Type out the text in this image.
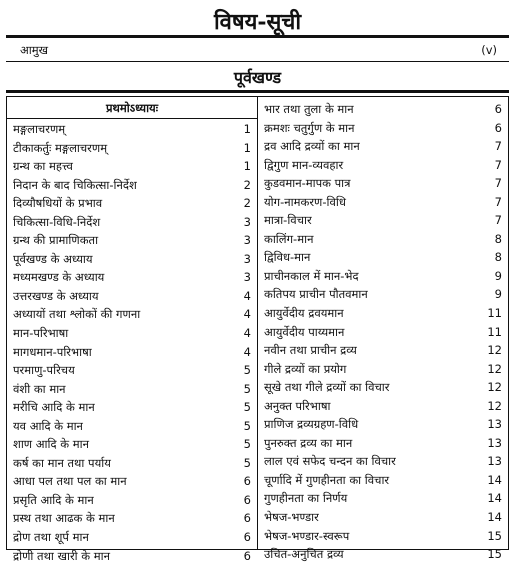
विषय-सूची
आमुख	(v)
पूर्वखण्ड
प्रथमोऽध्यायः
मङ्गलाचरणम्	1
टीकाकर्तुः मङ्गलाचरणम्	1
ग्रन्थ का महत्त्व	1
निदान के बाद चिकित्सा-निर्देश	2
दिव्यौषधियों के प्रभाव	2
चिकित्सा-विधि-निर्देश	3
ग्रन्थ की प्रामाणिकता	3
पूर्वखण्ड के अध्याय	3
मध्यमखण्ड के अध्याय	3
उत्तरखण्ड के अध्याय	4
अध्यायों तथा श्लोकों की गणना	4
मान-परिभाषा	4
मागधमान-परिभाषा	4
परमाणु-परिचय	5
वंशी का मान	5
मरीचि आदि के मान	5
यव आदि के मान	5
शाण आदि के मान	5
कर्ष का मान तथा पर्याय	5
आधा पल तथा पल का मान	6
प्रसृति आदि के मान	6
प्रस्थ तथा आढक के मान	6
द्रोण तथा शूर्प मान	6
द्रोणी तथा खारी के मान	6
भार तथा तुला के मान	6
क्रमशः चतुर्गुण के मान	6
द्रव आदि द्रव्यों का मान	7
द्विगुण मान-व्यवहार	7
कुडवमान-मापक पात्र	7
योग-नामकरण-विधि	7
मात्रा-विचार	7
कालिंग-मान	8
द्विविध-मान	8
प्राचीनकाल में मान-भेद	9
कतिपय प्राचीन पौतवमान	9
आयुर्वेदीय द्रवयमान	11
आयुर्वेदीय पाय्यमान	11
नवीन तथा प्राचीन द्रव्य	12
गीले द्रव्यों का प्रयोग	12
सूखे तथा गीले द्रव्यों का विचार	12
अनुक्त परिभाषा	12
प्राणिज द्रव्यग्रहण-विधि	13
पुनरुक्त द्रव्य का मान	13
लाल एवं सफेद चन्दन का विचार	13
चूर्णादि में गुणहीनता का विचार	14
गुणहीनता का निर्णय	14
भेषज-भण्डार	14
भेषज-भण्डार-स्वरूप	15
उचित-अनुचित द्रव्य	15
